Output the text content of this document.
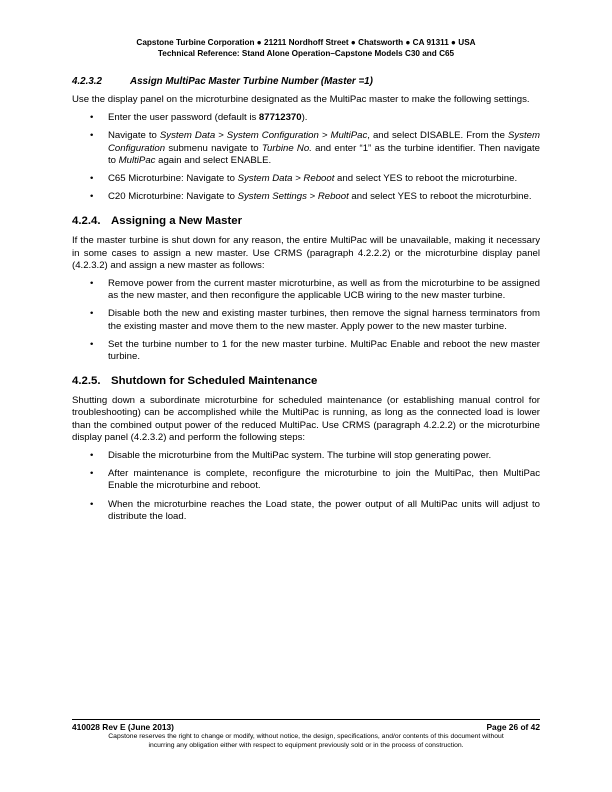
Capstone Turbine Corporation ● 21211 Nordhoff Street ● Chatsworth ● CA 91311 ● USA
Technical Reference: Stand Alone Operation–Capstone Models C30 and C65
4.2.3.2	Assign MultiPac Master Turbine Number (Master =1)

Use the display panel on the microturbine designated as the MultiPac master to make the following settings.

• Enter the user password (default is 87712370).
• Navigate to System Data > System Configuration > MultiPac, and select DISABLE. From the System Configuration submenu navigate to Turbine No. and enter “1” as the turbine identifier. Then navigate to MultiPac again and select ENABLE.
• C65 Microturbine: Navigate to System Data > Reboot and select YES to reboot the microturbine.
• C20 Microturbine: Navigate to System Settings > Reboot and select YES to reboot the microturbine.
4.2.4. Assigning a New Master

If the master turbine is shut down for any reason, the entire MultiPac will be unavailable, making it necessary in some cases to assign a new master. Use CRMS (paragraph 4.2.2.2) or the microturbine display panel (4.2.3.2) and assign a new master as follows:

• Remove power from the current master microturbine, as well as from the microturbine to be assigned as the new master, and then reconfigure the applicable UCB wiring to the new master turbine.
• Disable both the new and existing master turbines, then remove the signal harness terminators from the existing master and move them to the new master. Apply power to the new master turbine.
• Set the turbine number to 1 for the new master turbine. MultiPac Enable and reboot the new master turbine.
4.2.5. Shutdown for Scheduled Maintenance

Shutting down a subordinate microturbine for scheduled maintenance (or establishing manual control for troubleshooting) can be accomplished while the MultiPac is running, as long as the connected load is lower than the combined output power of the reduced MultiPac. Use CRMS (paragraph 4.2.2.2) or the microturbine display panel (4.2.3.2) and perform the following steps:

• Disable the microturbine from the MultiPac system. The turbine will stop generating power.
• After maintenance is complete, reconfigure the microturbine to join the MultiPac, then MultiPac Enable the microturbine and reboot.
• When the microturbine reaches the Load state, the power output of all MultiPac units will adjust to distribute the load.
410028 Rev E (June 2013)	Page 26 of 42
Capstone reserves the right to change or modify, without notice, the design, specifications, and/or contents of this document without
incurring any obligation either with respect to equipment previously sold or in the process of construction.
